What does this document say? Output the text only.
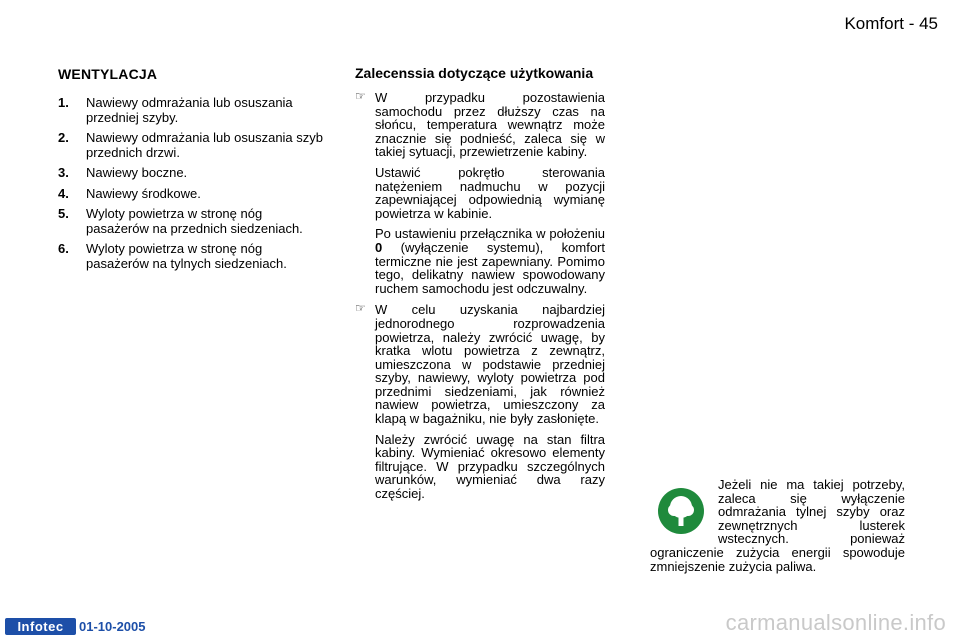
Komfort - 45
WENTYLACJA
1. Nawiewy odmrażania lub osuszania przedniej szyby.
2. Nawiewy odmrażania lub osuszania szyb przednich drzwi.
3. Nawiewy boczne.
4. Nawiewy środkowe.
5. Wyloty powietrza w stronę nóg pasażerów na przednich siedzeniach.
6. Wyloty powietrza w stronę nóg pasażerów na tylnych siedzeniach.
Zalecenssia dotyczące użytkowania
☞ W przypadku pozostawienia samochodu przez dłuższy czas na słońcu, temperatura wewnątrz może znacznie się podnieść, zaleca się w takiej sytuacji, przewietrzenie kabiny.

Ustawić pokrętło sterowania natężeniem nadmuchu w pozycji zapewniającej odpowiednią wymianę powietrza w kabinie.

Po ustawieniu przełącznika w położeniu 0 (wyłączenie systemu), komfort termiczne nie jest zapewniany. Pomimo tego, delikatny nawiew spowodowany ruchem samochodu jest odczuwalny.

☞ W celu uzyskania najbardziej jednorodnego rozprowadzenia powietrza, należy zwrócić uwagę, by kratka wlotu powietrza z zewnątrz, umieszczona w podstawie przedniej szyby, nawiewy, wyloty powietrza pod przednimi siedzeniami, jak również nawiew powietrza, umieszczony za klapą w bagażniku, nie były zasłonięte.

Należy zwrócić uwagę na stan filtra kabiny. Wymieniać okresowo elementy filtrujące. W przypadku szczególnych warunków, wymieniać dwa razy częściej.

Jeżeli nie ma takiej potrzeby, zaleca się wyłączenie odmrażania tylnej szyby oraz zewnętrznych lusterek wstecznych. ponieważ ograniczenie zużycia energii spowoduje zmniejszenie zużycia paliwa.
Infotec	01-10-2005	carmanualsonline.info
